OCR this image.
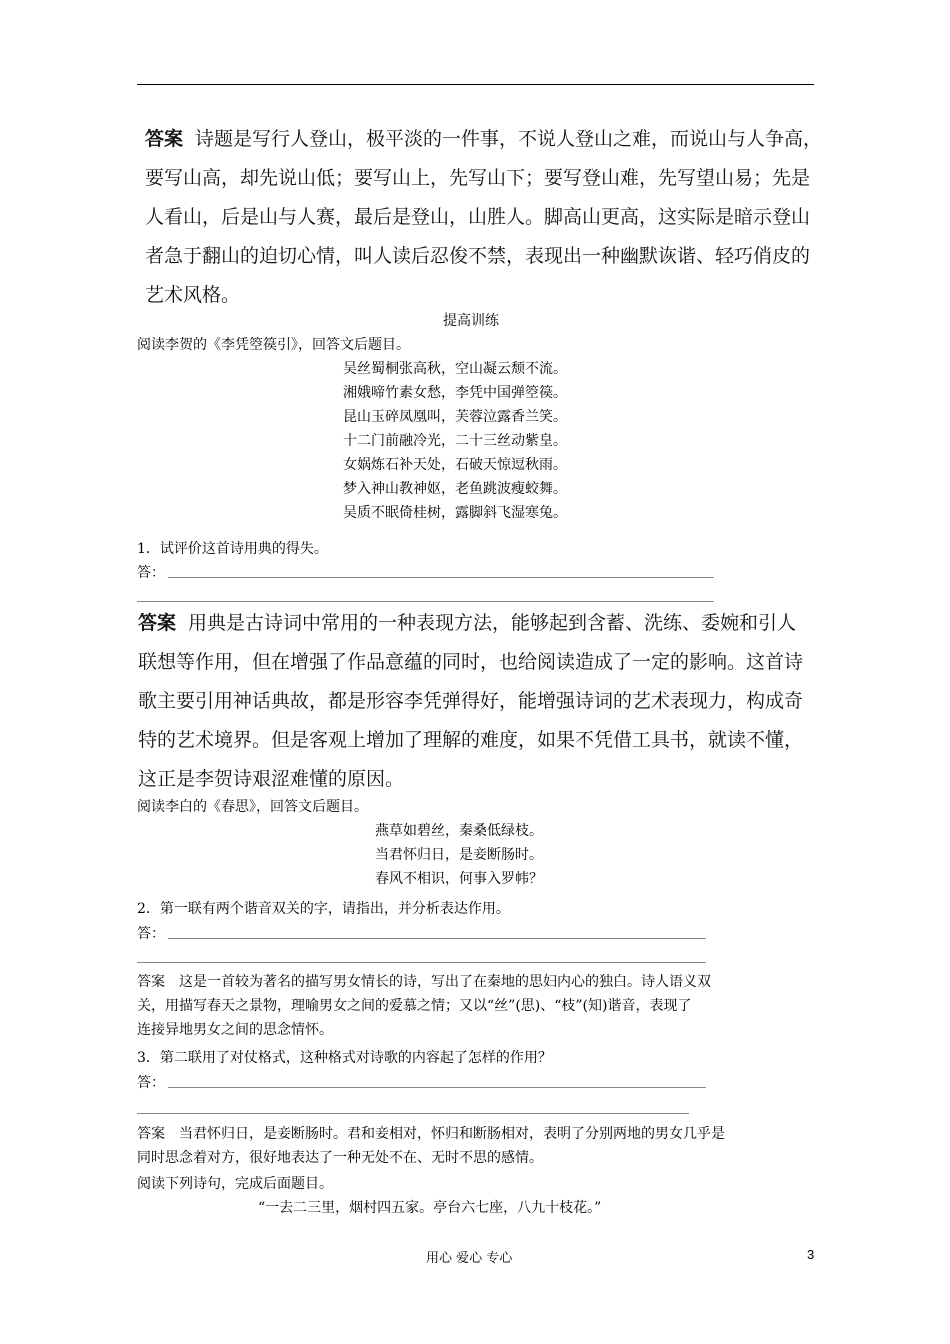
答案 诗题是写行人登山，极平淡的一件事，不说人登山之难，而说山与人争高，
要写山高，却先说山低；要写山上，先写山下；要写登山难，先写望山易；先是
人看山，后是山与人赛，最后是登山，山胜人。脚高山更高，这实际是暗示登山
者急于翻山的迫切心情，叫人读后忍俊不禁，表现出一种幽默诙谐、轻巧俏皮的
艺术风格。
提高训练
阅读李贺的《李凭箜篌引》，回答文后题目。
吴丝蜀桐张高秋，空山凝云颓不流。
湘娥啼竹素女愁，李凭中国弹箜篌。
昆山玉碎凤凰叫，芙蓉泣露香兰笑。
十二门前融冷光，二十三丝动紫皇。
女娲炼石补天处，石破天惊逗秋雨。
梦入神山教神妪，老鱼跳波瘦蛟舞。
吴质不眠倚桂树，露脚斜飞湿寒兔。
1．试评价这首诗用典的得失。
答：
答案 用典是古诗词中常用的一种表现方法，能够起到含蓄、洗练、委婉和引人
联想等作用，但在增强了作品意蕴的同时，也给阅读造成了一定的影响。这首诗
歌主要引用神话典故，都是形容李凭弹得好，能增强诗词的艺术表现力，构成奇
特的艺术境界。但是客观上增加了理解的难度，如果不凭借工具书，就读不懂，
这正是李贺诗艰涩难懂的原因。
阅读李白的《春思》，回答文后题目。
燕草如碧丝，秦桑低绿枝。
当君怀归日，是妾断肠时。
春风不相识，何事入罗帏？
2．第一联有两个谐音双关的字，请指出，并分析表达作用。
答：
答案 这是一首较为著名的描写男女情长的诗，写出了在秦地的思妇内心的独白。诗人语义双
关，用描写春天之景物，理喻男女之间的爱慕之情；又以“丝”(思)、“枝”(知)谐音，表现了
连接异地男女之间的思念情怀。
3．第二联用了对仗格式，这种格式对诗歌的内容起了怎样的作用？
答：
答案 当君怀归日，是妾断肠时。君和妾相对，怀归和断肠相对，表明了分别两地的男女几乎是
同时思念着对方，很好地表达了一种无处不在、无时不思的感情。
阅读下列诗句，完成后面题目。
“一去二三里，烟村四五家。亭台六七座，八九十枝花。”
用心 爱心 专心	3
